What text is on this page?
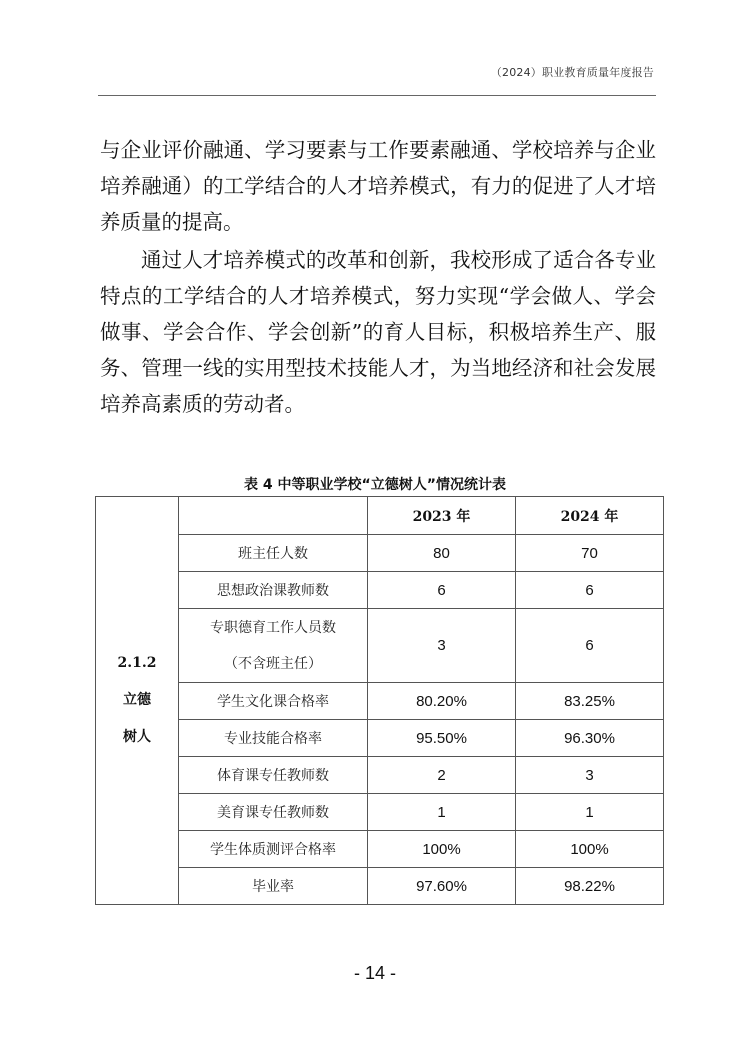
（2024）职业教育质量年度报告

与企业评价融通、学习要素与工作要素融通、学校培养与企业培养融通）的工学结合的人才培养模式，有力的促进了人才培养质量的提高。

通过人才培养模式的改革和创新，我校形成了适合各专业特点的工学结合的人才培养模式，努力实现“学会做人、学会做事、学会合作、学会创新”的育人目标，积极培养生产、服务、管理一线的实用型技术技能人才，为当地经济和社会发展培养高素质的劳动者。

表 4 中等职业学校“立德树人”情况统计表
2.1.2
立德
树人		2023 年	2024 年
	班主任人数	80	70
	思想政治课教师数	6	6

	专职德育工作人员数
（不含班主任）	3	6
	学生文化课合格率	80.20%	83.25%
	专业技能合格率	95.50%	96.30%
	体育课专任教师数	2	3
	美育课专任教师数	1	1
	学生体质测评合格率	100%	100%
	毕业率	97.60%	98.22%
- 14 -
